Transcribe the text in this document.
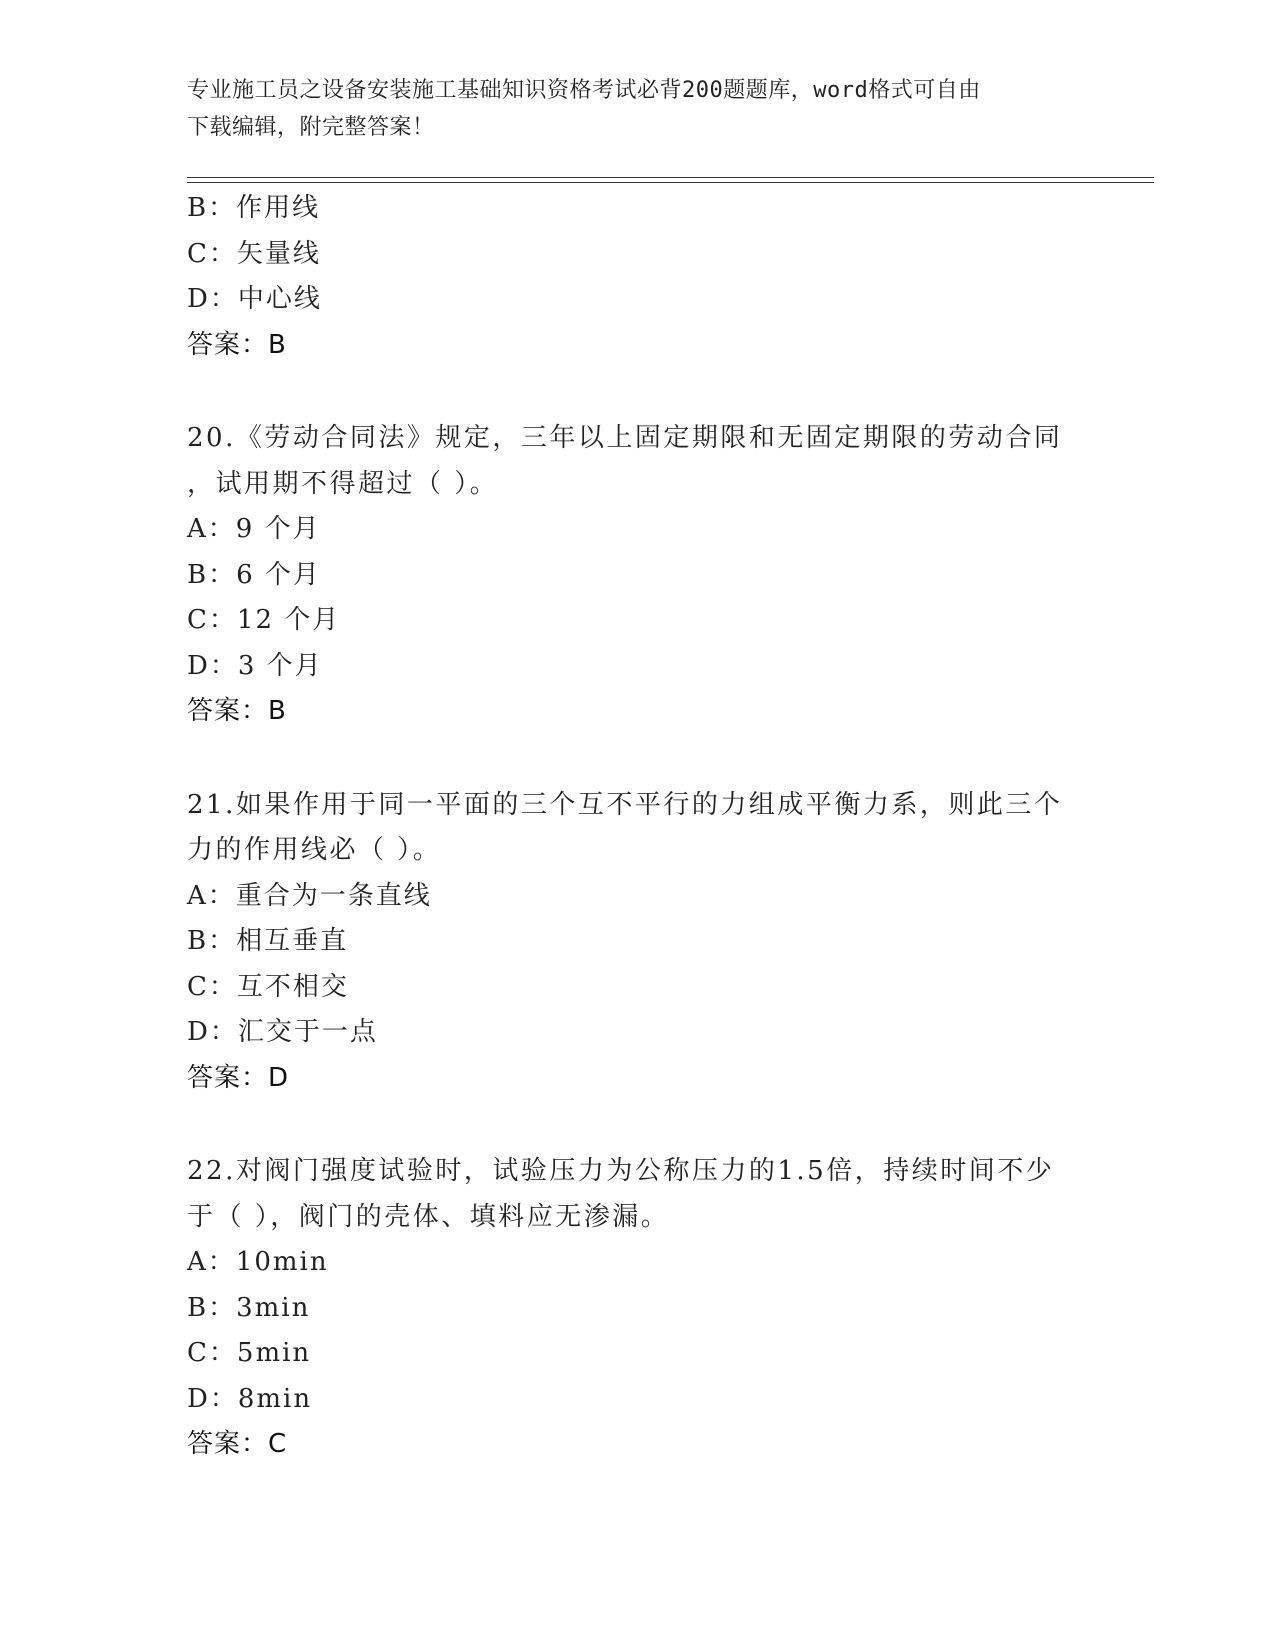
专业施工员之设备安装施工基础知识资格考试必背200题题库，word格式可自由
下载编辑，附完整答案！
B：作用线
C：矢量线
D：中心线
答案：B
20.《劳动合同法》规定，三年以上固定期限和无固定期限的劳动合同
，试用期不得超过（ ）。
A：9 个月
B：6 个月
C：12 个月
D：3 个月
答案：B
21.如果作用于同一平面的三个互不平行的力组成平衡力系，则此三个
力的作用线必（ ）。
A：重合为一条直线
B：相互垂直
C：互不相交
D：汇交于一点
答案：D
22.对阀门强度试验时，试验压力为公称压力的1.5倍，持续时间不少
于（ ），阀门的壳体、填料应无渗漏。
A：10min
B：3min
C：5min
D：8min
答案：C
